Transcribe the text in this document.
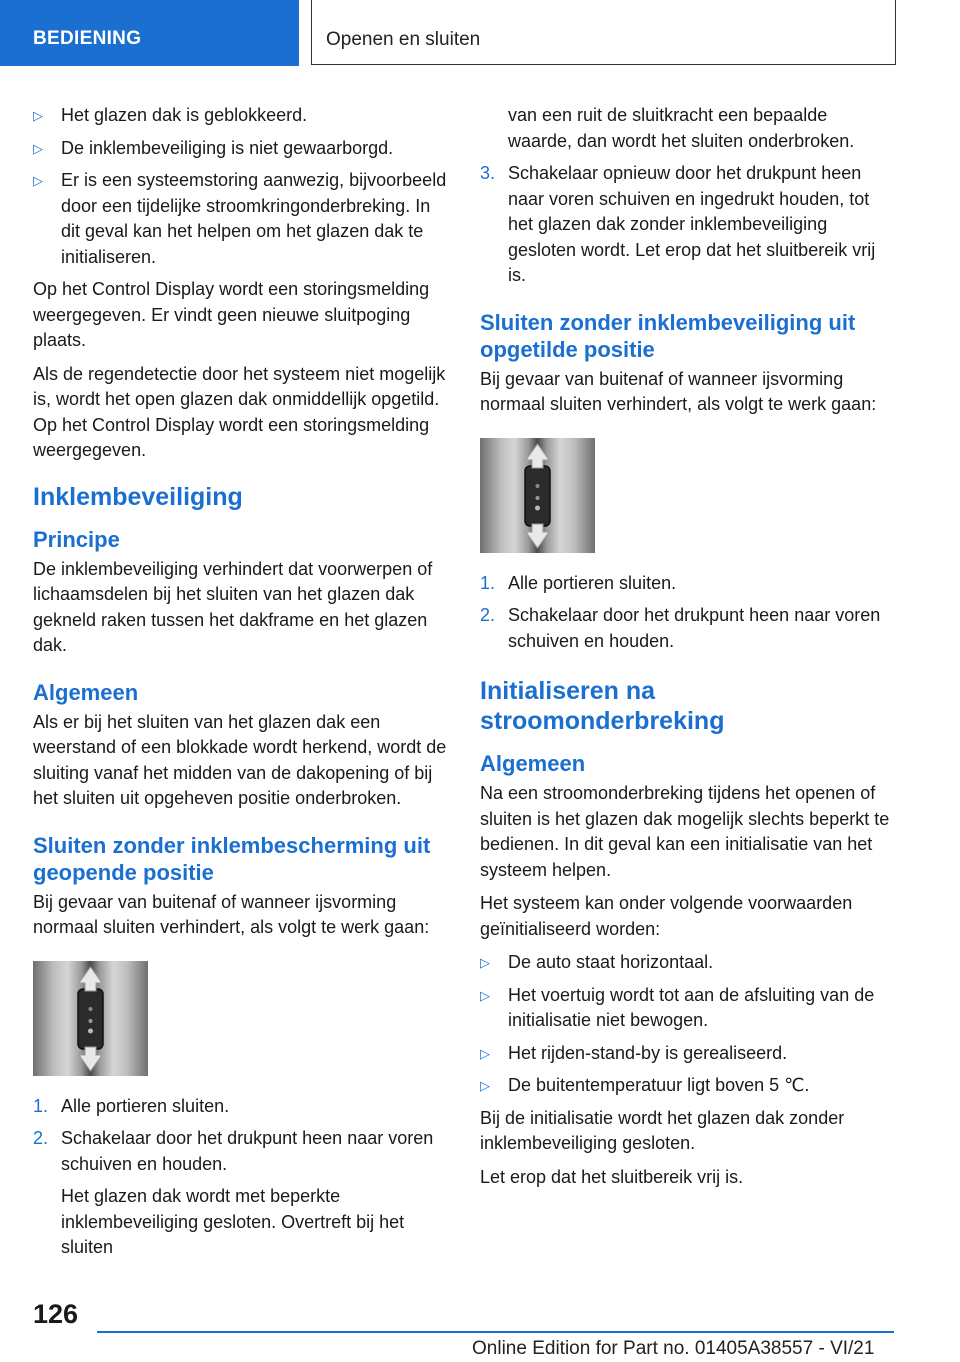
BEDIENING	Openen en sluiten
▷ Het glazen dak is geblokkeerd.
▷ De inklembeveiliging is niet gewaarborgd.
▷ Er is een systeemstoring aanwezig, bijvoorbeeld door een tijdelijke stroomkringonderbreking. In dit geval kan het helpen om het glazen dak te initialiseren.

Op het Control Display wordt een storingsmelding weergegeven. Er vindt geen nieuwe sluitpoging plaats.

Als de regendetectie door het systeem niet mogelijk is, wordt het open glazen dak onmiddellijk opgetild. Op het Control Display wordt een storingsmelding weergegeven.

Inklembeveiliging
Principe

De inklembeveiliging verhindert dat voorwerpen of lichaamsdelen bij het sluiten van het glazen dak gekneld raken tussen het dakframe en het glazen dak.

Algemeen

Als er bij het sluiten van het glazen dak een weerstand of een blokkade wordt herkend, wordt de sluiting vanaf het midden van de dakopening of bij het sluiten uit opgeheven positie onderbroken.

Sluiten zonder inklembescherming uit geopende positie

Bij gevaar van buitenaf of wanneer ijsvorming normaal sluiten verhindert, als volgt te werk gaan:

1. Alle portieren sluiten.
2. Schakelaar door het drukpunt heen naar voren schuiven en houden.
Het glazen dak wordt met beperkte inklembeveiliging gesloten. Overtreft bij het sluiten
van een ruit de sluitkracht een bepaalde waarde, dan wordt het sluiten onderbroken.
3. Schakelaar opnieuw door het drukpunt heen naar voren schuiven en ingedrukt houden, tot het glazen dak zonder inklembeveiliging gesloten wordt. Let erop dat het sluitbereik vrij is.
Sluiten zonder inklembeveiliging uit opgetilde positie

Bij gevaar van buitenaf of wanneer ijsvorming normaal sluiten verhindert, als volgt te werk gaan:

1. Alle portieren sluiten.
2. Schakelaar door het drukpunt heen naar voren schuiven en houden.
Initialiseren na stroomonderbreking
Algemeen

Na een stroomonderbreking tijdens het openen of sluiten is het glazen dak mogelijk slechts beperkt te bedienen. In dit geval kan een initialisatie van het systeem helpen.

Het systeem kan onder volgende voorwaarden geïnitialiseerd worden:

▷ De auto staat horizontaal.
▷ Het voertuig wordt tot aan de afsluiting van de initialisatie niet bewogen.
▷ Het rijden-stand-by is gerealiseerd.
▷ De buitentemperatuur ligt boven 5 ℃.

Bij de initialisatie wordt het glazen dak zonder inklembeveiliging gesloten.

Let erop dat het sluitbereik vrij is.

126
Online Edition for Part no. 01405A38557 - VI/21
